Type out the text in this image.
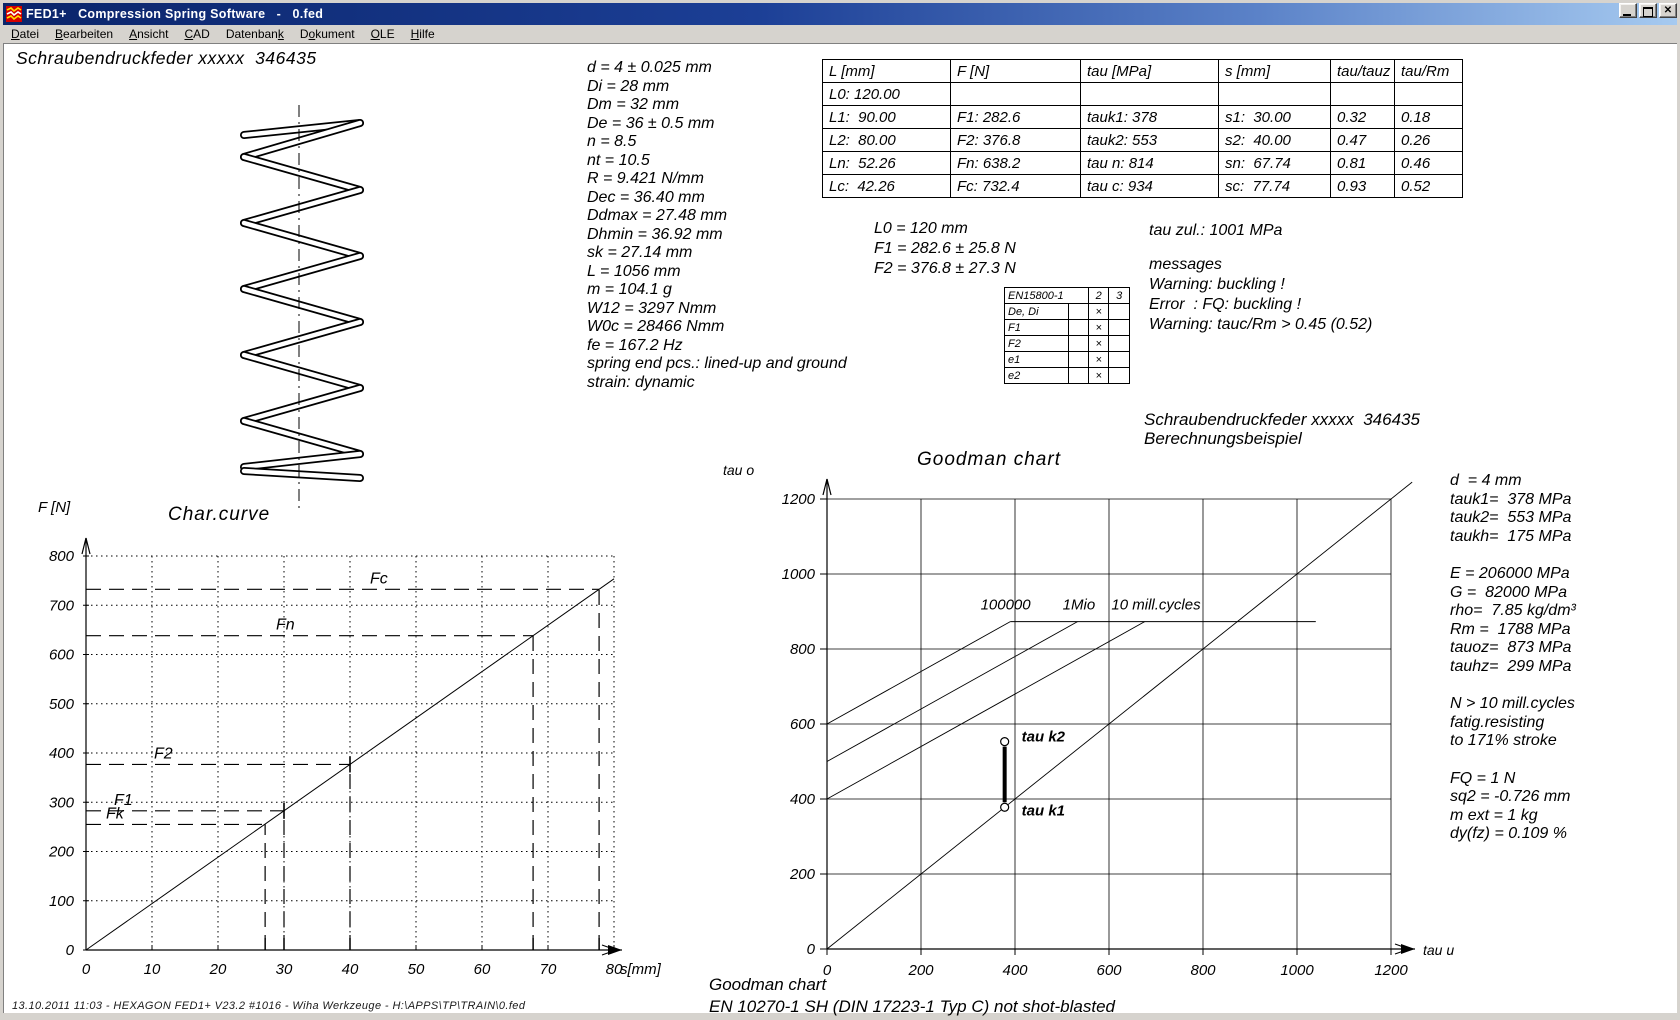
FED1+   Compression Spring Software   -   0.fed	✕
Datei	Bearbeiten	Ansicht	CAD	Datenbank	Dokument	OLE	Hilfe
Schraubendruckfeder xxxxx  346435	d = 4 ± 0.025 mm
Di = 28 mm
Dm = 32 mm
De = 36 ± 0.5 mm
n = 8.5
nt = 10.5
R = 9.421 N/mm
Dec = 36.40 mm
Ddmax = 27.48 mm
Dhmin = 36.92 mm
sk = 27.14 mm
L = 1056 mm
m = 104.1 g
W12 = 3297 Nmm
W0c = 28466 Nmm
fe = 167.2 Hz
spring end pcs.: lined-up and ground
strain: dynamic
L [mm]	F [N]	tau [MPa]	s [mm]	tau/tauz	tau/Rm
L0: 120.00					
L1:  90.00	F1: 282.6	tauk1: 378	s1:  30.00	0.32	0.18
L2:  80.00	F2: 376.8	tauk2: 553	s2:  40.00	0.47	0.26
Ln:  52.26	Fn: 638.2	tau n: 814	sn:  67.74	0.81	0.46
Lc:  42.26	Fc: 732.4	tau c: 934	sc:  77.74	0.93	0.52
L0 = 120 mm
F1 = 282.6 ± 25.8 N
F2 = 376.8 ± 27.3 N
tau zul.: 1001 MPa
messages
Warning: buckling !
Error  : FQ: buckling !
Warning: tauc/Rm > 0.45 (0.52)
EN15800-1		2	3
De, Di		×	
F1		×	
F2		×	
e1		×	
e2		×	
0	10	20	30	40	50	60	70	80
0
100
200
300
400
500
600
700
800
Fc
Fn
F2
F1
Fk
Char.curve
F [N]
s[mm]	0	200	400	600	800	1000	1200
0
200
400
600
800
1000
1200
100000 1Mio 10 mill.cycles
tau k1
tau k2
Goodman chart
tau o
tau u
Schraubendruckfeder xxxxx  346435
Berechnungsbeispiel
d  = 4 mm
tauk1=  378 MPa
tauk2=  553 MPa
taukh=  175 MPa

E = 206000 MPa
G =  82000 MPa
rho=  7.85 kg/dm³
Rm =  1788 MPa
tauoz=  873 MPa
tauhz=  299 MPa

N > 10 mill.cycles
fatig.resisting
to 171% stroke

FQ = 1 N
sq2 = -0.726 mm
m ext = 1 kg
dy(fz) = 0.109 %
Goodman chart
EN 10270-1 SH (DIN 17223-1 Typ C) not shot-blasted
13.10.2011 11:03 - HEXAGON FED1+ V23.2 #1016 - Wiha Werkzeuge - H:\APPS\TP\TRAIN\0.fed
